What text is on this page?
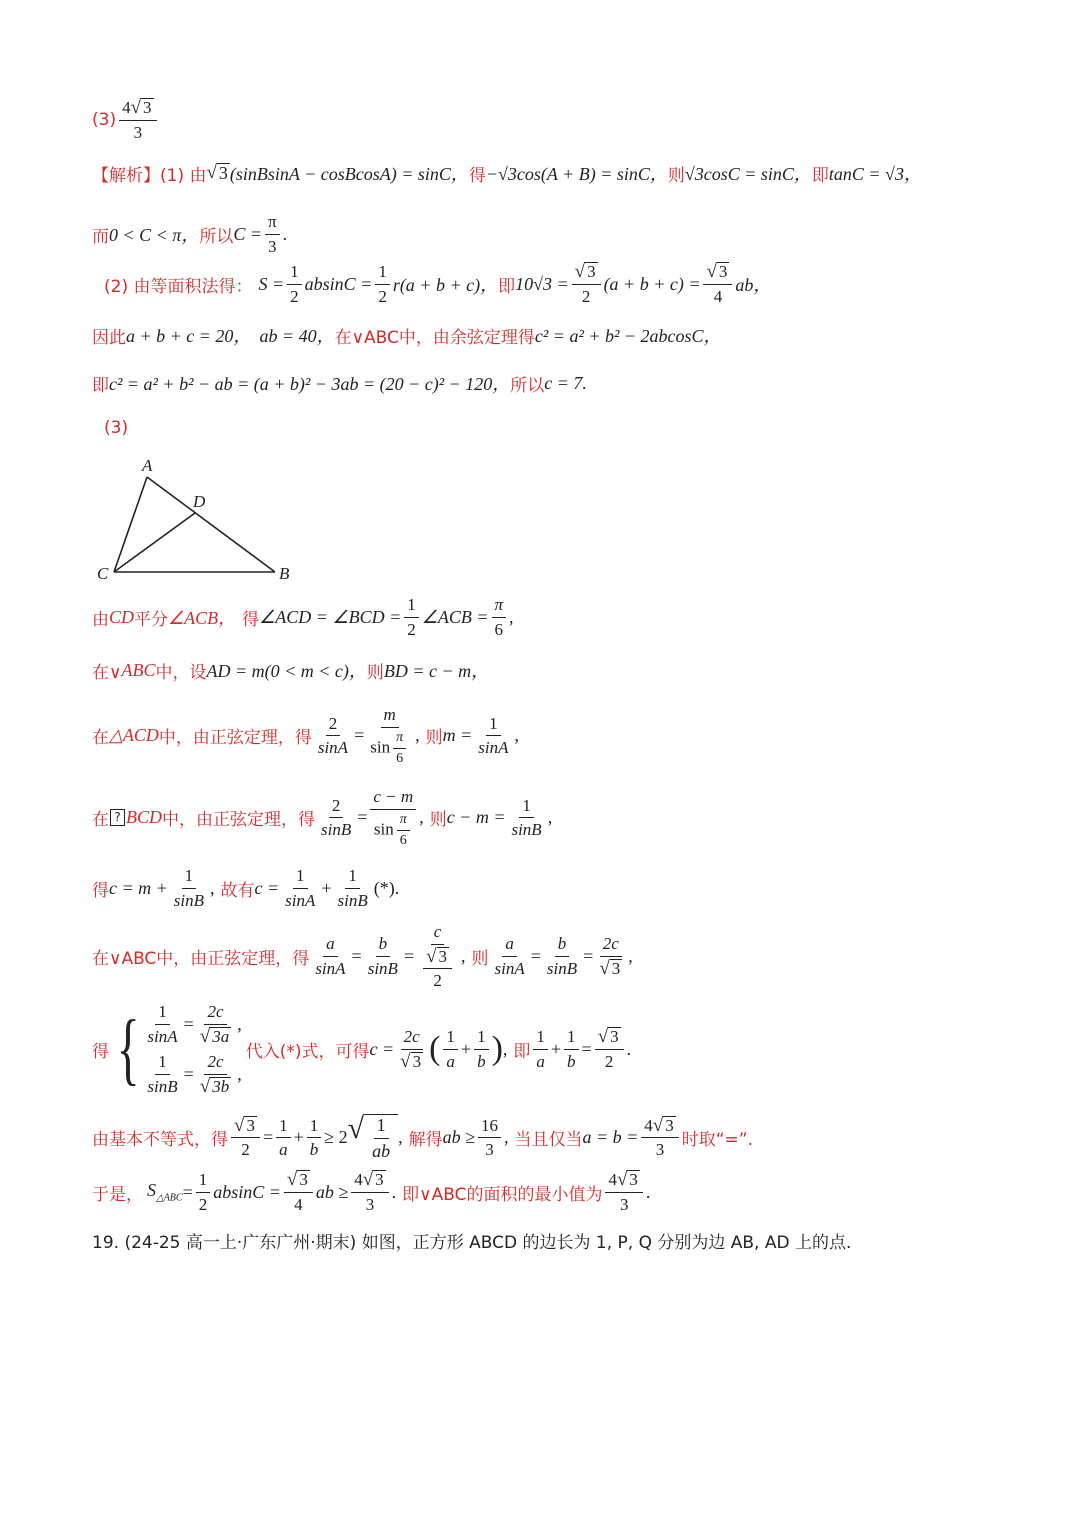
$(3) \frac{4 √ 3}{3}$
【解析】(1) 由 √ 3 (sinBsinA − cosBcosA) = sinC， 得 −√3cos(A + B) = sinC， 则 √3cosC = sinC， 即 tanC = √3，
而 0 < C < π， 所以 $C = \frac{\pi}{3}$ .
(2) 由等面积法得： $S = \frac{1}{2}$ $absinC = \frac{1}{2} r(a + b + c)$， 即 $10√3 = \frac{√ 3}{2} (a + b + c) = \frac{√ 3}{4}$ ab，
因此 a + b + c = 20， ab = 40， 在∨ABC中，由余弦定理得 c² = a² + b² − 2abcosC，
即 c² = a² + b² − ab = (a + b)² − 3ab = (20 − c)² − 120， 所以 c = 7.
(3)
A
D
C	B
由 CD 平分 ∠ACB， 得 ∠ACD = ∠BCD = $\frac{1}{2}$ ∠ACB = $\frac{\pi}{6}$ ,
在∨ ABC 中，设 AD = m(0 < m < c)， 则 BD = c − m，
在 △ACD 中，由正弦定理，得 $\frac{2}{\sin A} = \frac{m}{\sin \frac{\pi}{6}}$ , 则 $m = \frac{1}{\sin A}$ ,
在 ? BCD 中，由正弦定理，得 $\frac{2}{\sin B} = \frac{c - m}{\sin \frac{\pi}{6}}$ , 则 $c - m = \frac{1}{\sin B}$ ,
得 $c = m + \frac{1}{\sin B}$ , 故有 $c = \frac{1}{\sin A} + \frac{1}{\sin B}$ (*).
在∨ABC中，由正弦定理，得 $\frac{a}{\sin A} = \frac{b}{\sin B} = \frac{c}{\frac{√ 3}{2}}$ , 则 $\frac{a}{\sin A} = \frac{b}{\sin B} = \frac{2c}{√ 3}$ ,
得 { $\frac{1}{\sin A} = \frac{2c}{√ 3a}$ ,
$\frac{1}{\sin B} = \frac{2c}{√ 3b}$ ,
代入(*)式，可得 $c = \frac{2c}{√ 3}$ ( $\frac{1}{a} + \frac{1}{b}$ ) , 即 $\frac{1}{a} + \frac{1}{b} = \frac{√ 3}{2}$ .
由基本不等式，得 $\frac{√ 3}{2} = \frac{1}{a} + \frac{1}{b} \ge 2$ √ $\frac{1}{ab}$ , 解得 ab ≥ $\frac{16}{3}$ , 当且仅当 $a = b = \frac{4 √ 3}{3}$ 时取“=”.
于是， $S_{\triangle ABC} = \frac{1}{2}$ $absinC = \frac{√ 3}{4}$ ab ≥ $\frac{4 √ 3}{3}$ . 即∨ABC的面积的最小值为 $\frac{4 √ 3}{3}$ .
19. (24-25 高一上·广东广州·期末) 如图，正方形 ABCD 的边长为 1, P, Q 分别为边 AB, AD 上的点.
